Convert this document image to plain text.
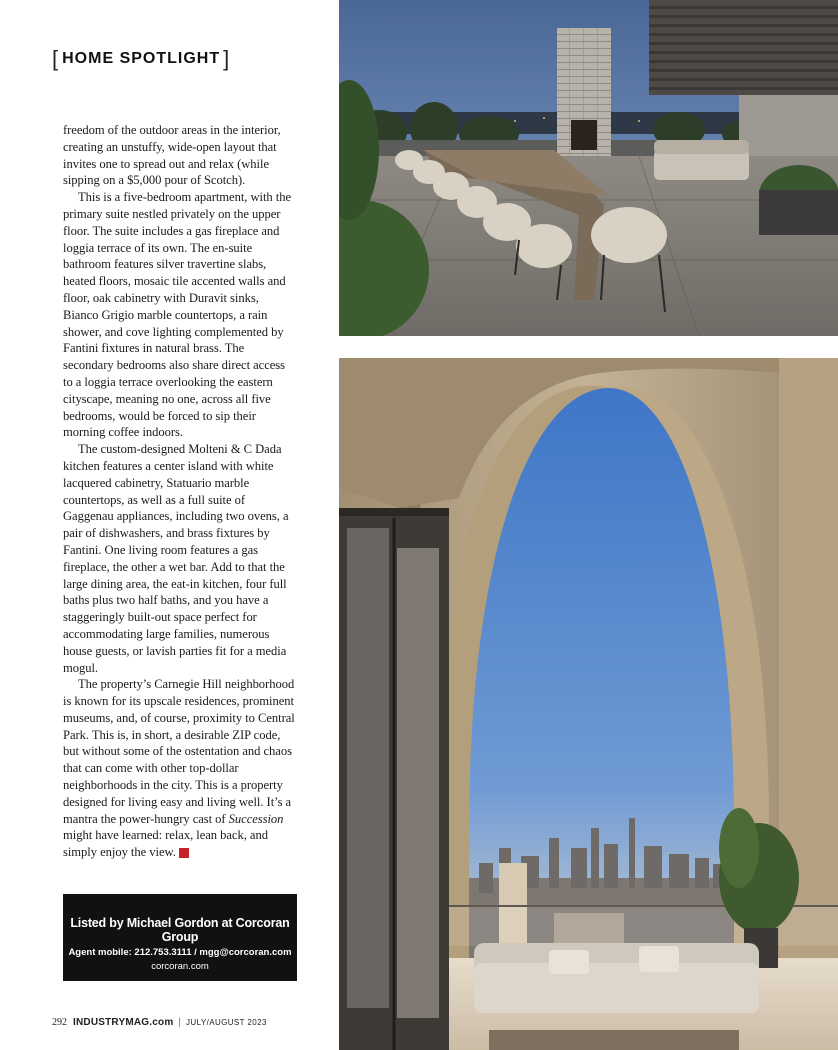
[ HOME SPOTLIGHT ]

freedom of the outdoor areas in the interior, creating an unstuffy, wide-open layout that invites one to spread out and relax (while sipping on a $5,000 pour of Scotch).

This is a five-bedroom apartment, with the primary suite nestled privately on the upper floor. The suite includes a gas fireplace and loggia terrace of its own. The en-suite bathroom features silver travertine slabs, heated floors, mosaic tile accented walls and floor, oak cabinetry with Duravit sinks, Bianco Grigio marble countertops, a rain shower, and cove lighting complemented by Fantini fixtures in natural brass. The secondary bedrooms also share direct access to a loggia terrace overlooking the eastern cityscape, meaning no one, across all five bedrooms, would be forced to sip their morning coffee indoors.

The custom-designed Molteni & C Dada kitchen features a center island with white lacquered cabinetry, Statuario marble countertops, as well as a full suite of Gaggenau appliances, including two ovens, a pair of dishwashers, and brass fixtures by Fantini. One living room features a gas fireplace, the other a wet bar. Add to that the large dining area, the eat-in kitchen, four full baths plus two half baths, and you have a staggeringly built-out space perfect for accommodating large families, numerous house guests, or lavish parties fit for a media mogul.

The property’s Carnegie Hill neighborhood is known for its upscale residences, prominent museums, and, of course, proximity to Central Park. This is, in short, a desirable ZIP code, but without some of the ostentation and chaos that can come with other top-dollar neighborhoods in the city. This is a property designed for living easy and living well. It’s a mantra the power-hungry cast of Succession might have learned: relax, lean back, and simply enjoy the view. I

Listed by Michael Gordon at Corcoran Group
Agent mobile: 212.753.3111 / mgg@corcoran.com
corcoran.com
292 INDUSTRYMAG.com | JULY/AUGUST 2023
